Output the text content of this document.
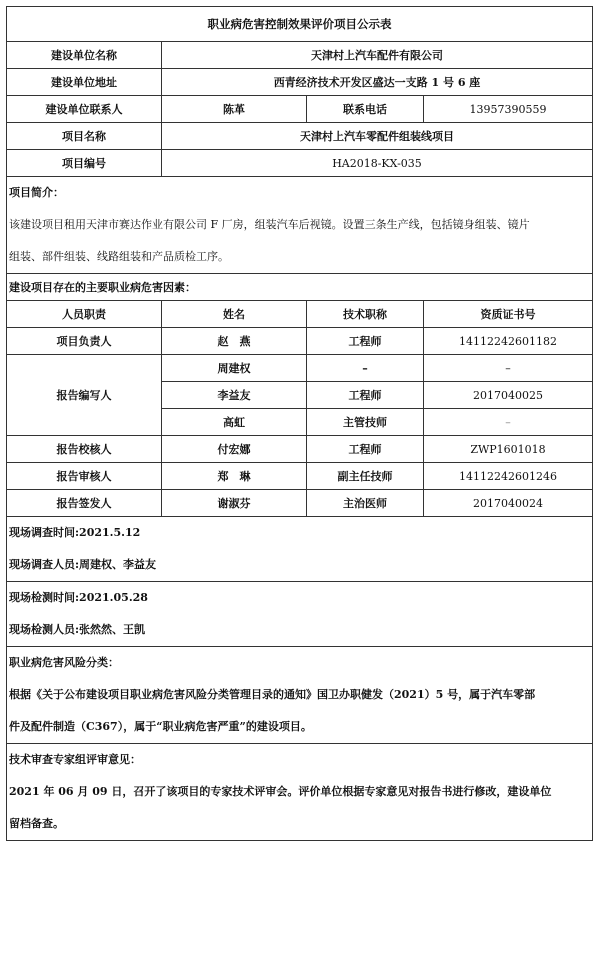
职业病危害控制效果评价项目公示表			
建设单位名称	天津村上汽车配件有限公司		
建设单位地址	西青经济技术开发区盛达一支路 1 号 6 座		
建设单位联系人	陈革	联系电话	13957390559
项目名称	天津村上汽车零配件组装线项目		
项目编号	HA2018-KX-035		
项目简介：
该建设项目租用天津市赛达作业有限公司 F 厂房，组装汽车后视镜。设置三条生产线，包括镜身组装、镜片
组装、部件组装、线路组装和产品质检工序。			
建设项目存在的主要职业病危害因素：			
人员职责	姓名	技术职称	资质证书号
项目负责人	赵　燕	工程师	14112242601182
报告编写人	周建权	–	–
	李益友	工程师	2017040025
	高虹	主管技师	–
报告校核人	付宏娜	工程师	ZWP1601018
报告审核人	郑　琳	副主任技师	14112242601246
报告签发人	谢淑芬	主治医师	2017040024
现场调查时间:2021.5.12
现场调查人员:周建权、李益友			
现场检测时间:2021.05.28
现场检测人员:张然然、王凯			
职业病危害风险分类：
根据《关于公布建设项目职业病危害风险分类管理目录的通知》国卫办职健发（2021）5 号，属于汽车零部
件及配件制造（C367），属于“职业病危害严重”的建设项目。			
技术审查专家组评审意见：
2021 年 06 月 09 日，召开了该项目的专家技术评审会。评价单位根据专家意见对报告书进行修改，建设单位
留档备查。			
